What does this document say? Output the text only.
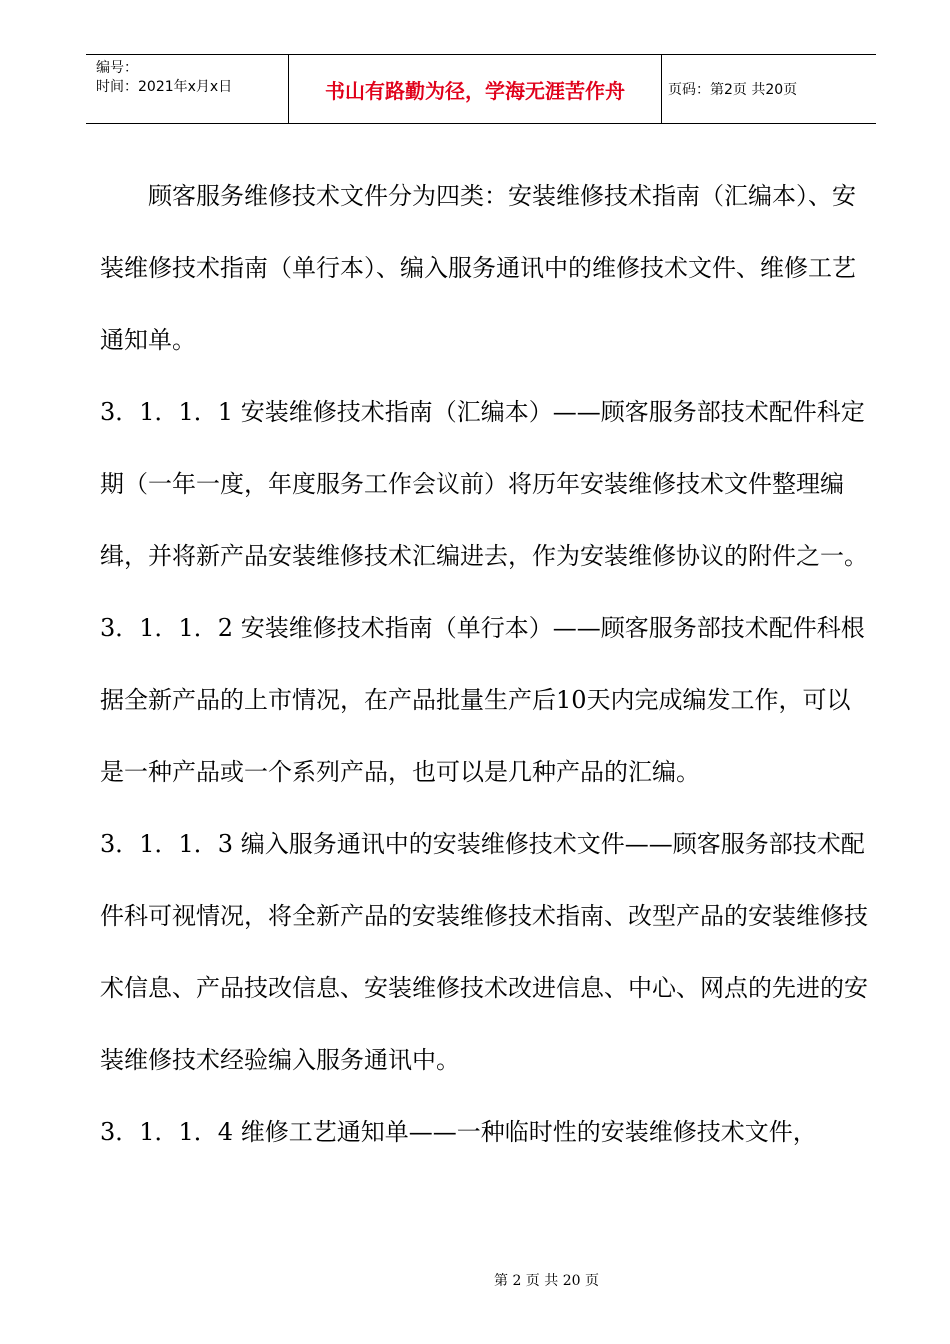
编号：
时间：2021年x月x日	书山有路勤为径，学海无涯苦作舟	页码：第2页 共20页

顾客服务维修技术文件分为四类：安装维修技术指南（汇编本）、安装维修技术指南（单行本）、编入服务通讯中的维修技术文件、维修工艺通知单。

3．1．1．1 安装维修技术指南（汇编本）——顾客服务部技术配件科定期（一年一度，年度服务工作会议前）将历年安装维修技术文件整理编缉，并将新产品安装维修技术汇编进去，作为安装维修协议的附件之一。

3．1．1．2 安装维修技术指南（单行本）——顾客服务部技术配件科根据全新产品的上市情况，在产品批量生产后10天内完成编发工作，可以是一种产品或一个系列产品，也可以是几种产品的汇编。

3．1．1．3 编入服务通讯中的安装维修技术文件——顾客服务部技术配件科可视情况，将全新产品的安装维修技术指南、改型产品的安装维修技术信息、产品技改信息、安装维修技术改进信息、中心、网点的先进的安装维修技术经验编入服务通讯中。

3．1．1．4 维修工艺通知单——一种临时性的安装维修技术文件，

第 2 页 共 20 页
